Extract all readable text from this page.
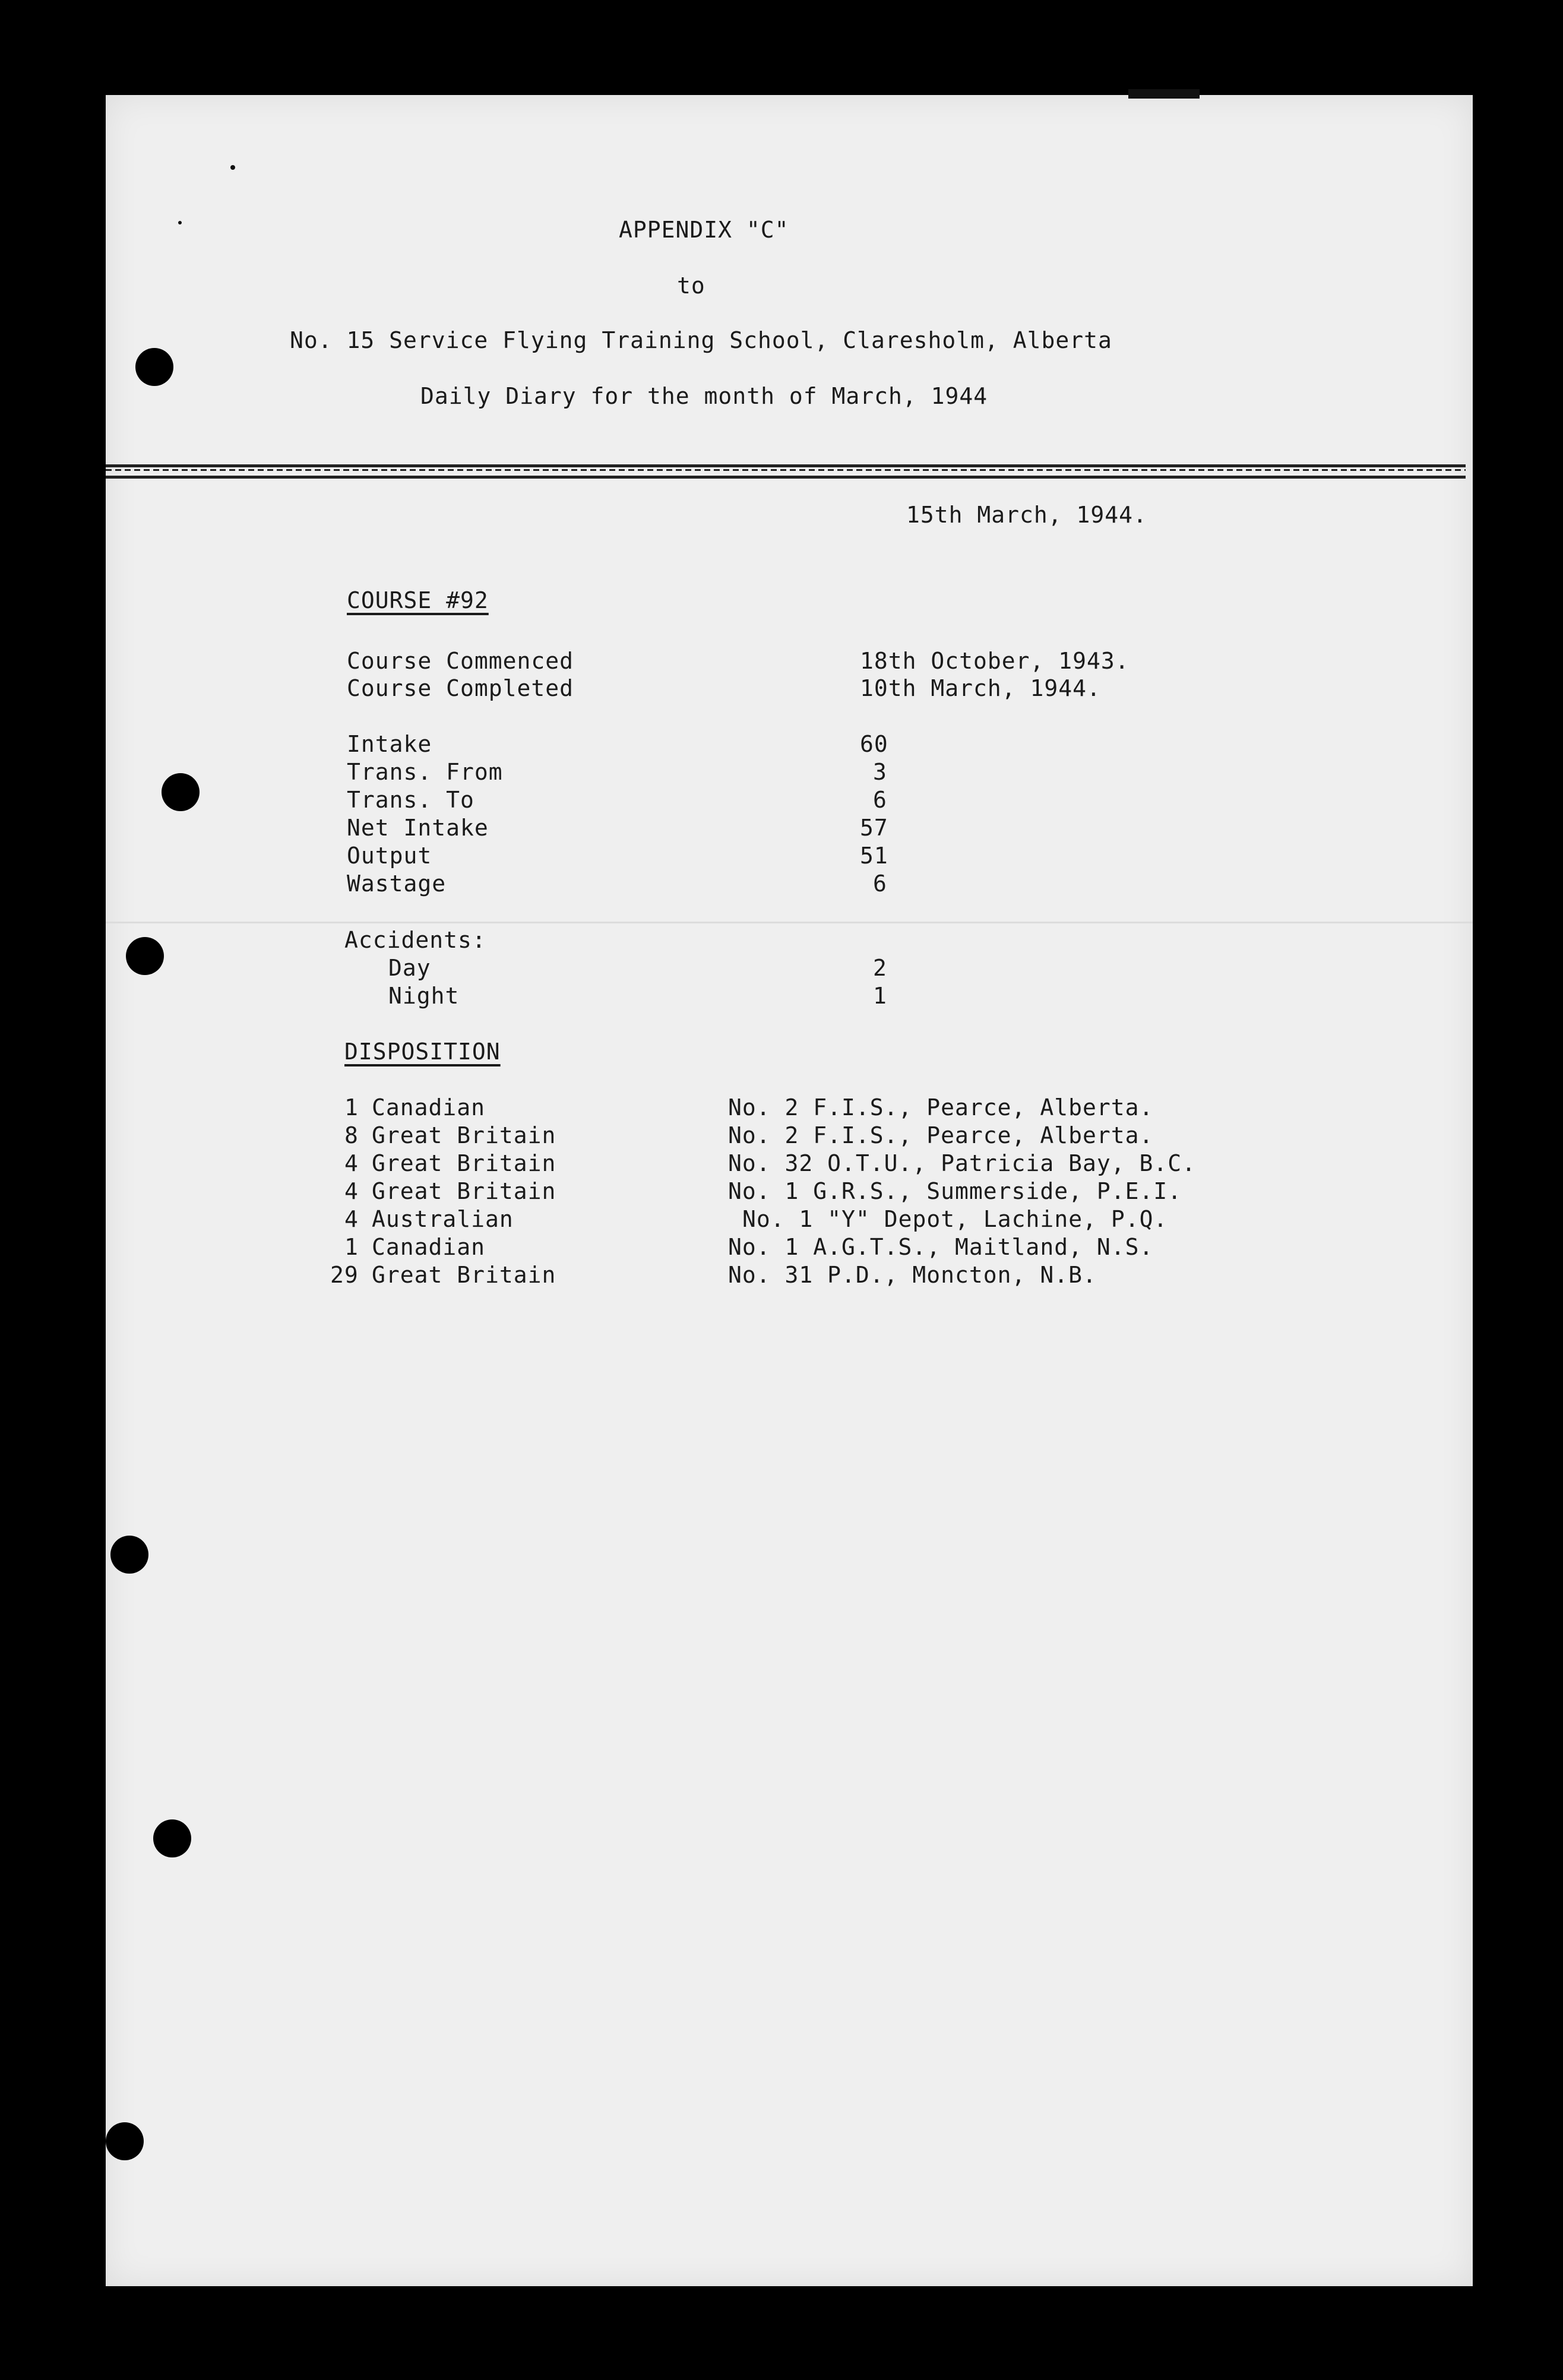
APPENDIX "C"
to
No. 15 Service Flying Training School, Claresholm, Alberta
Daily Diary for the month of March, 1944
15th March, 1944.
COURSE #92
Course Commenced	18th October, 1943.
Course Completed	10th March, 1944.
Intake	60
Trans. From	3
Trans. To	6
Net Intake	57
Output	51
Wastage	6
Accidents:
Day	2
Night	1
DISPOSITION
1 Canadian	No. 2 F.I.S., Pearce, Alberta.
8 Great Britain	No. 2 F.I.S., Pearce, Alberta.
4 Great Britain	No. 32 O.T.U., Patricia Bay, B.C.
4 Great Britain	No. 1 G.R.S., Summerside, P.E.I.
4 Australian	No. 1 "Y" Depot, Lachine, P.Q.
1 Canadian	No. 1 A.G.T.S., Maitland, N.S.
29 Great Britain	No. 31 P.D., Moncton, N.B.
